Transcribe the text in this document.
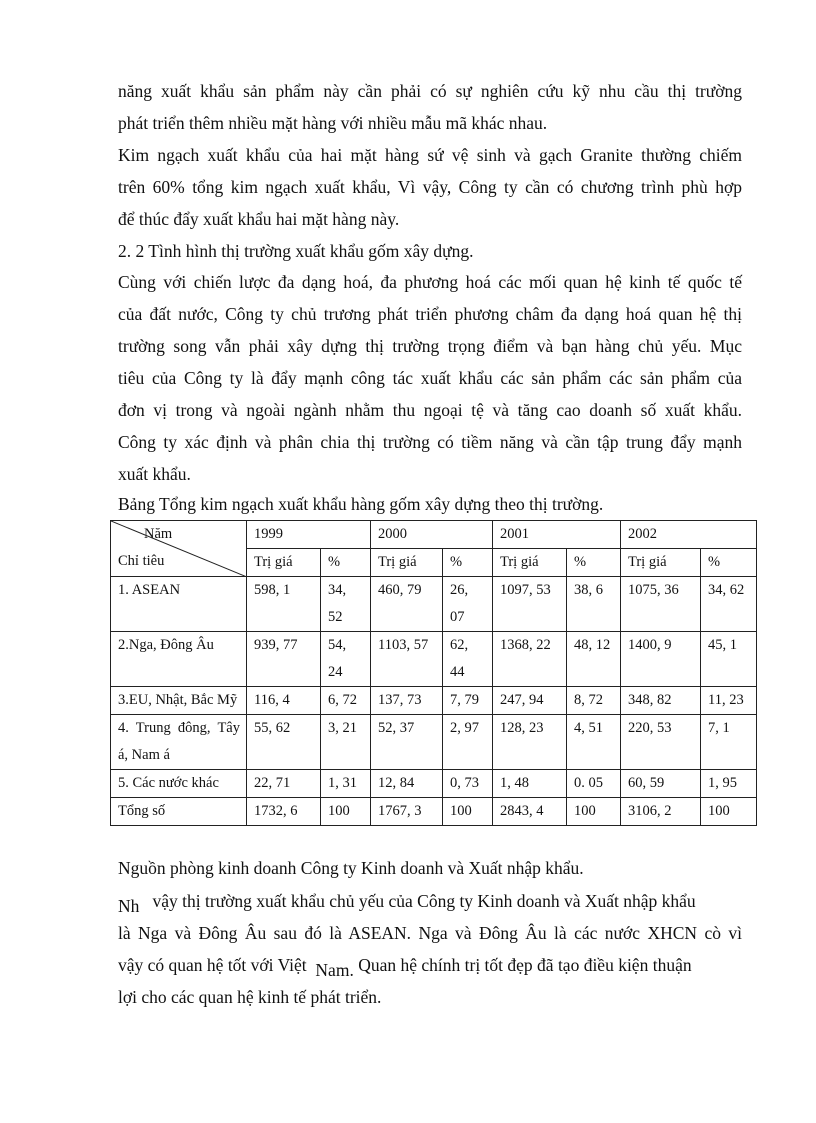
năng xuất khẩu sản phẩm này cần phải có sự nghiên cứu kỹ nhu cầu thị trường
phát triển thêm nhiều mặt hàng với nhiều mẫu mã khác nhau.
Kim ngạch xuất khẩu của hai mặt hàng sứ vệ sinh và gạch Granite thường chiếm
trên 60% tổng kim ngạch xuất khẩu, Vì vậy, Công ty cần có chương trình phù hợp
để thúc đẩy xuất khẩu hai mặt hàng này.
2. 2 Tình hình thị trường xuất khẩu gốm xây dựng.
Cùng với chiến lược đa dạng hoá, đa phương hoá các mối quan hệ kinh tế quốc tế
của đất nước, Công ty chủ trương phát triển phương châm đa dạng hoá quan hệ thị
trường song vẫn phải xây dựng thị trường trọng điểm và bạn hàng chủ yếu. Mục
tiêu của Công ty là đẩy mạnh công tác xuất khẩu các sản phẩm các sản phẩm của
đơn vị trong và ngoài ngành nhằm thu ngoại tệ và tăng cao doanh số xuất khẩu.
Công ty xác định và phân chia thị trường có tiềm năng và cần tập trung đẩy mạnh
xuất khẩu.
Bảng Tổng kim ngạch xuất khẩu hàng gốm xây dựng theo thị trường.
Năm
Chỉ tiêu	1999		2000		2001		2002	
	Trị giá	%	Trị giá	%	Trị giá	%	Trị giá	%
1. ASEAN	598, 1	34, 52	460, 79	26, 07	1097, 53	38, 6	1075, 36	34, 62
2.Nga, Đông Âu	939, 77	54, 24	1103, 57	62, 44	1368, 22	48, 12	1400, 9	45, 1
3.EU, Nhật, Bắc Mỹ	116, 4	6, 72	137, 73	7, 79	247, 94	8, 72	348, 82	11, 23
4. Trung đông, Tây á, Nam á	55, 62	3, 21	52, 37	2, 97	128, 23	4, 51	220, 53	7, 1
5. Các nước khác	22, 71	1, 31	12, 84	0, 73	1, 48	0. 05	60, 59	1, 95
Tổng số	1732, 6	100	1767, 3	100	2843, 4	100	3106, 2	100
Nguồn phòng kinh doanh Công ty Kinh doanh và Xuất nhập khẩu.
Nh vậy thị trường xuất khẩu chủ yếu của Công ty Kinh doanh và Xuất nhập khẩu
là Nga và Đông Âu sau đó là ASEAN. Nga và Đông Âu là các nước XHCN cò vì
vậy có quan hệ tốt với Việt Nam. Quan hệ chính trị tốt đẹp đã tạo điều kiện thuận
lợi cho các quan hệ kinh tế phát triển.
